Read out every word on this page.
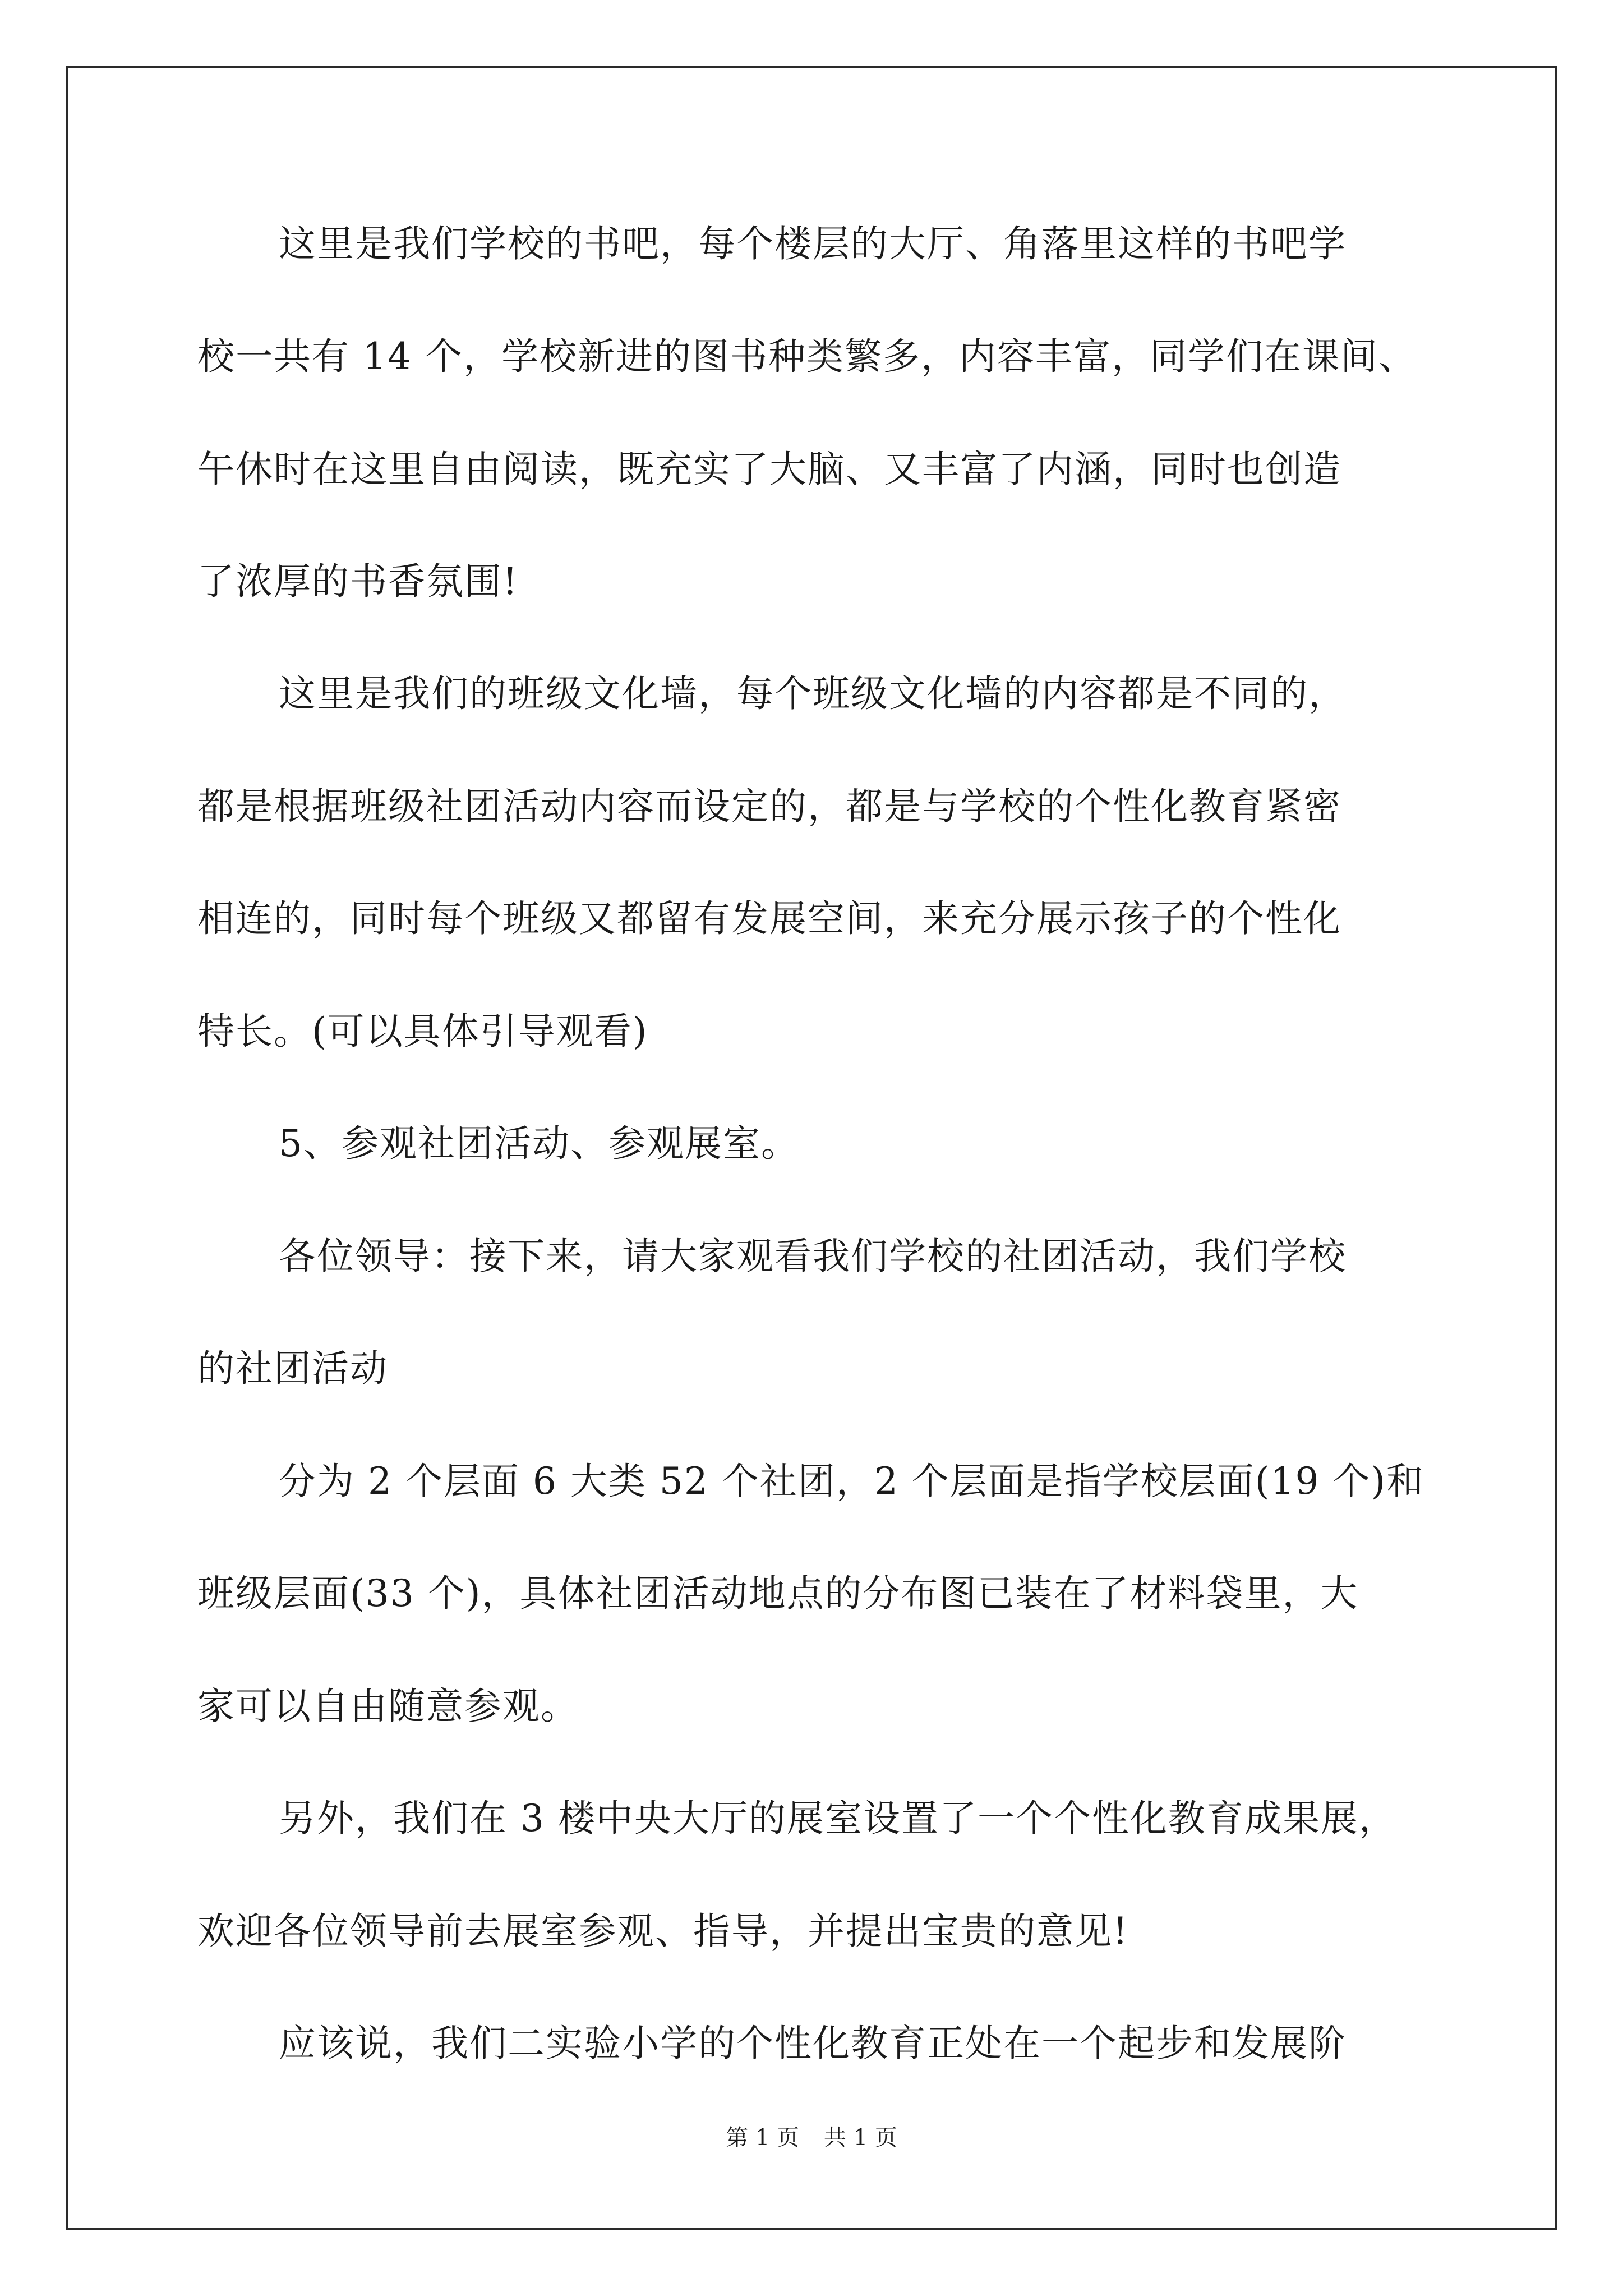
这里是我们学校的书吧，每个楼层的大厅、角落里这样的书吧学

校一共有 14 个，学校新进的图书种类繁多，内容丰富，同学们在课间、

午休时在这里自由阅读，既充实了大脑、又丰富了内涵，同时也创造

了浓厚的书香氛围!

这里是我们的班级文化墙，每个班级文化墙的内容都是不同的，

都是根据班级社团活动内容而设定的，都是与学校的个性化教育紧密

相连的，同时每个班级又都留有发展空间，来充分展示孩子的个性化

特长。(可以具体引导观看)

5、参观社团活动、参观展室。

各位领导：接下来，请大家观看我们学校的社团活动，我们学校

的社团活动

分为 2 个层面 6 大类 52 个社团，2 个层面是指学校层面(19 个)和

班级层面(33 个)，具体社团活动地点的分布图已装在了材料袋里，大

家可以自由随意参观。

另外，我们在 3 楼中央大厅的展室设置了一个个性化教育成果展，

欢迎各位领导前去展室参观、指导，并提出宝贵的意见!

应该说，我们二实验小学的个性化教育正处在一个起步和发展阶

第 1 页 共 1 页
